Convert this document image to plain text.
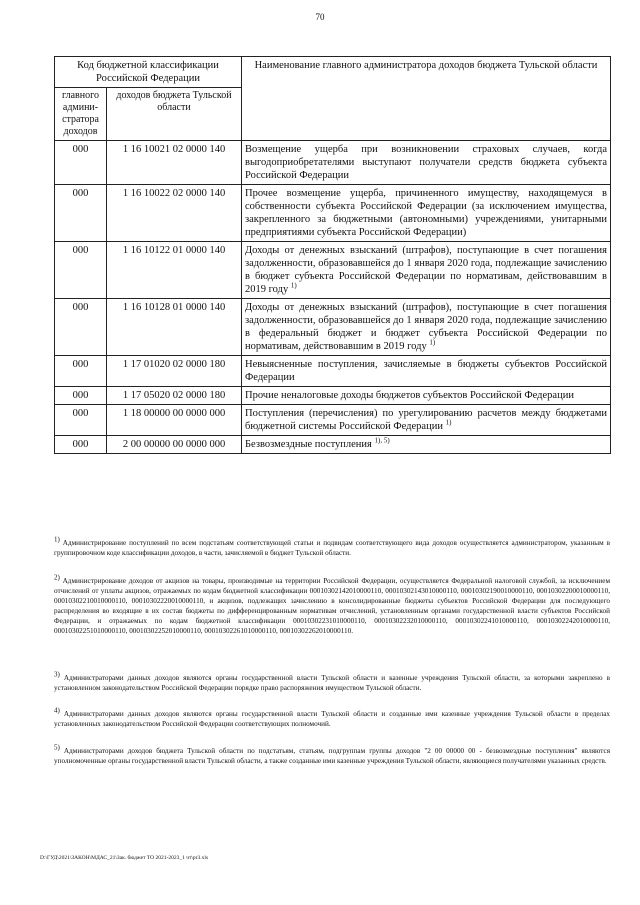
70
Код бюджетной классификации Российской Федерации		Наименование главного администратора доходов бюджета Тульской области
главного админи-стратора доходов	доходов бюджета Тульской области	
000	1 16 10021 02 0000 140	Возмещение ущерба при возникновении страховых случаев, когда выгодоприобретателями выступают получатели средств бюджета субъекта Российской Федерации
000	1 16 10022 02 0000 140	Прочее возмещение ущерба, причиненного имуществу, находящемуся в собственности субъекта Российской Федерации (за исключением имущества, закрепленного за бюджетными (автономными) учреждениями, унитарными предприятиями субъекта Российской Федерации)
000	1 16 10122 01 0000 140	Доходы от денежных взысканий (штрафов), поступающие в счет погашения задолженности, образовавшейся до 1 января 2020 года, подлежащие зачислению в бюджет субъекта Российской Федерации по нормативам, действовавшим в 2019 году $^{1)}$
000	1 16 10128 01 0000 140	Доходы от денежных взысканий (штрафов), поступающие в счет погашения задолженности, образовавшейся до 1 января 2020 года, подлежащие зачислению в федеральный бюджет и бюджет субъекта Российской Федерации по нормативам, действовавшим в 2019 году $^{1)}$
000	1 17 01020 02 0000 180	Невыясненные поступления, зачисляемые в бюджеты субъектов Российской Федерации
000	1 17 05020 02 0000 180	Прочие неналоговые доходы бюджетов субъектов Российской Федерации
000	1 18 00000 00 0000 000	Поступления (перечисления) по урегулированию расчетов между бюджетами бюджетной системы Российской Федерации $^{1)}$
000	2 00 00000 00 0000 000	Безвозмездные поступления $^{1), 5)}$
$^{1)}$ Администрирование поступлений по всем подстатьям соответствующей статьи и подвидам соответствующего вида доходов осуществляется администратором, указанным в группировочном коде классификации доходов, в части, зачисляемой в бюджет Тульской области.
$^{2)}$ Администрирование доходов от акцизов на товары, производимые на территории Российской Федерации, осуществляется Федеральной налоговой службой, за исключением отчислений от уплаты акцизов, отражаемых по кодам бюджетной классификации 00010302142010000110, 00010302143010000110, 00010302190010000110, 00010302200010000110, 00010302210010000110, 00010302220010000110, и акцизов, подлежащих зачислению в консолидированные бюджеты субъектов Российской Федерации для последующего распределения во входящие в их состав бюджеты по дифференцированным нормативам отчислений, установленным органами государственной власти субъектов Российской Федерации, и отражаемых по кодам бюджетной классификации 00010302231010000110, 00010302232010000110, 00010302241010000110, 00010302242010000110, 00010302251010000110, 00010302252010000110, 00010302261010000110, 00010302262010000110.
$^{3)}$ Администраторами данных доходов являются органы государственной власти Тульской области и казенные учреждения Тульской области, за которыми закреплено в установленном законодательством Российской Федерации порядке право распоряжения имуществом Тульской области.
$^{4)}$ Администраторами данных доходов являются органы государственной власти Тульской области и созданные ими казенные учреждения Тульской области в пределах установленных законодательством Российской Федерации соответствующих полномочий.
$^{5)}$ Администраторами доходов бюджета Тульской области по подстатьям, статьям, подгруппам группы доходов "2 00 00000 00 - безвозмездные поступления" являются уполномоченные органы государственной власти Тульской области, а также созданные ими казенные учреждения Тульской области, являющиеся получателями указанных средств.
D:\ГУД\2021\ЗАКОН\МДАС_21\Зак. бюджет ТО 2021-2023_1 чт\pr3.xls
